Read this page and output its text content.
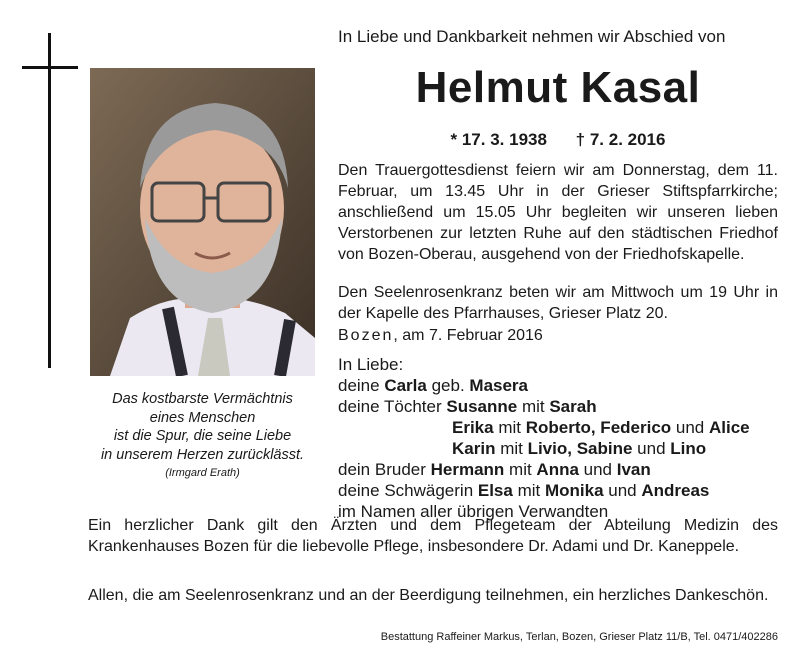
In Liebe und Dankbarkeit nehmen wir Abschied von
Helmut Kasal
* 17. 3. 1938 † 7. 2. 2016
Den Trauergottesdienst feiern wir am Donnerstag, dem 11. Februar, um 13.45 Uhr in der Grieser Stiftspfarrkirche; anschließend um 15.05 Uhr begleiten wir unseren lieben Verstorbenen zur letzten Ruhe auf den städtischen Friedhof von Bozen-Oberau, ausgehend von der Friedhofskapelle.
Den Seelenrosenkranz beten wir am Mittwoch um 19 Uhr in der Kapelle des Pfarrhauses, Grieser Platz 20.
Bozen, am 7. Februar 2016
In Liebe:
deine Carla geb. Masera
deine Töchter Susanne mit Sarah
Erika mit Roberto, Federico und Alice
Karin mit Livio, Sabine und Lino
dein Bruder Hermann mit Anna und Ivan
deine Schwägerin Elsa mit Monika und Andreas
im Namen aller übrigen Verwandten
Das kostbarste Vermächtnis
eines Menschen
ist die Spur, die seine Liebe
in unserem Herzen zurücklässt.
(Irmgard Erath)
Ein herzlicher Dank gilt den Ärzten und dem Pflegeteam der Abteilung Medizin des Krankenhauses Bozen für die liebevolle Pflege, insbesondere Dr. Adami und Dr. Kaneppele.
Allen, die am Seelenrosenkranz und an der Beerdigung teilnehmen, ein herzliches Dankeschön.
Bestattung Raffeiner Markus, Terlan, Bozen, Grieser Platz 11/B, Tel. 0471/402286
